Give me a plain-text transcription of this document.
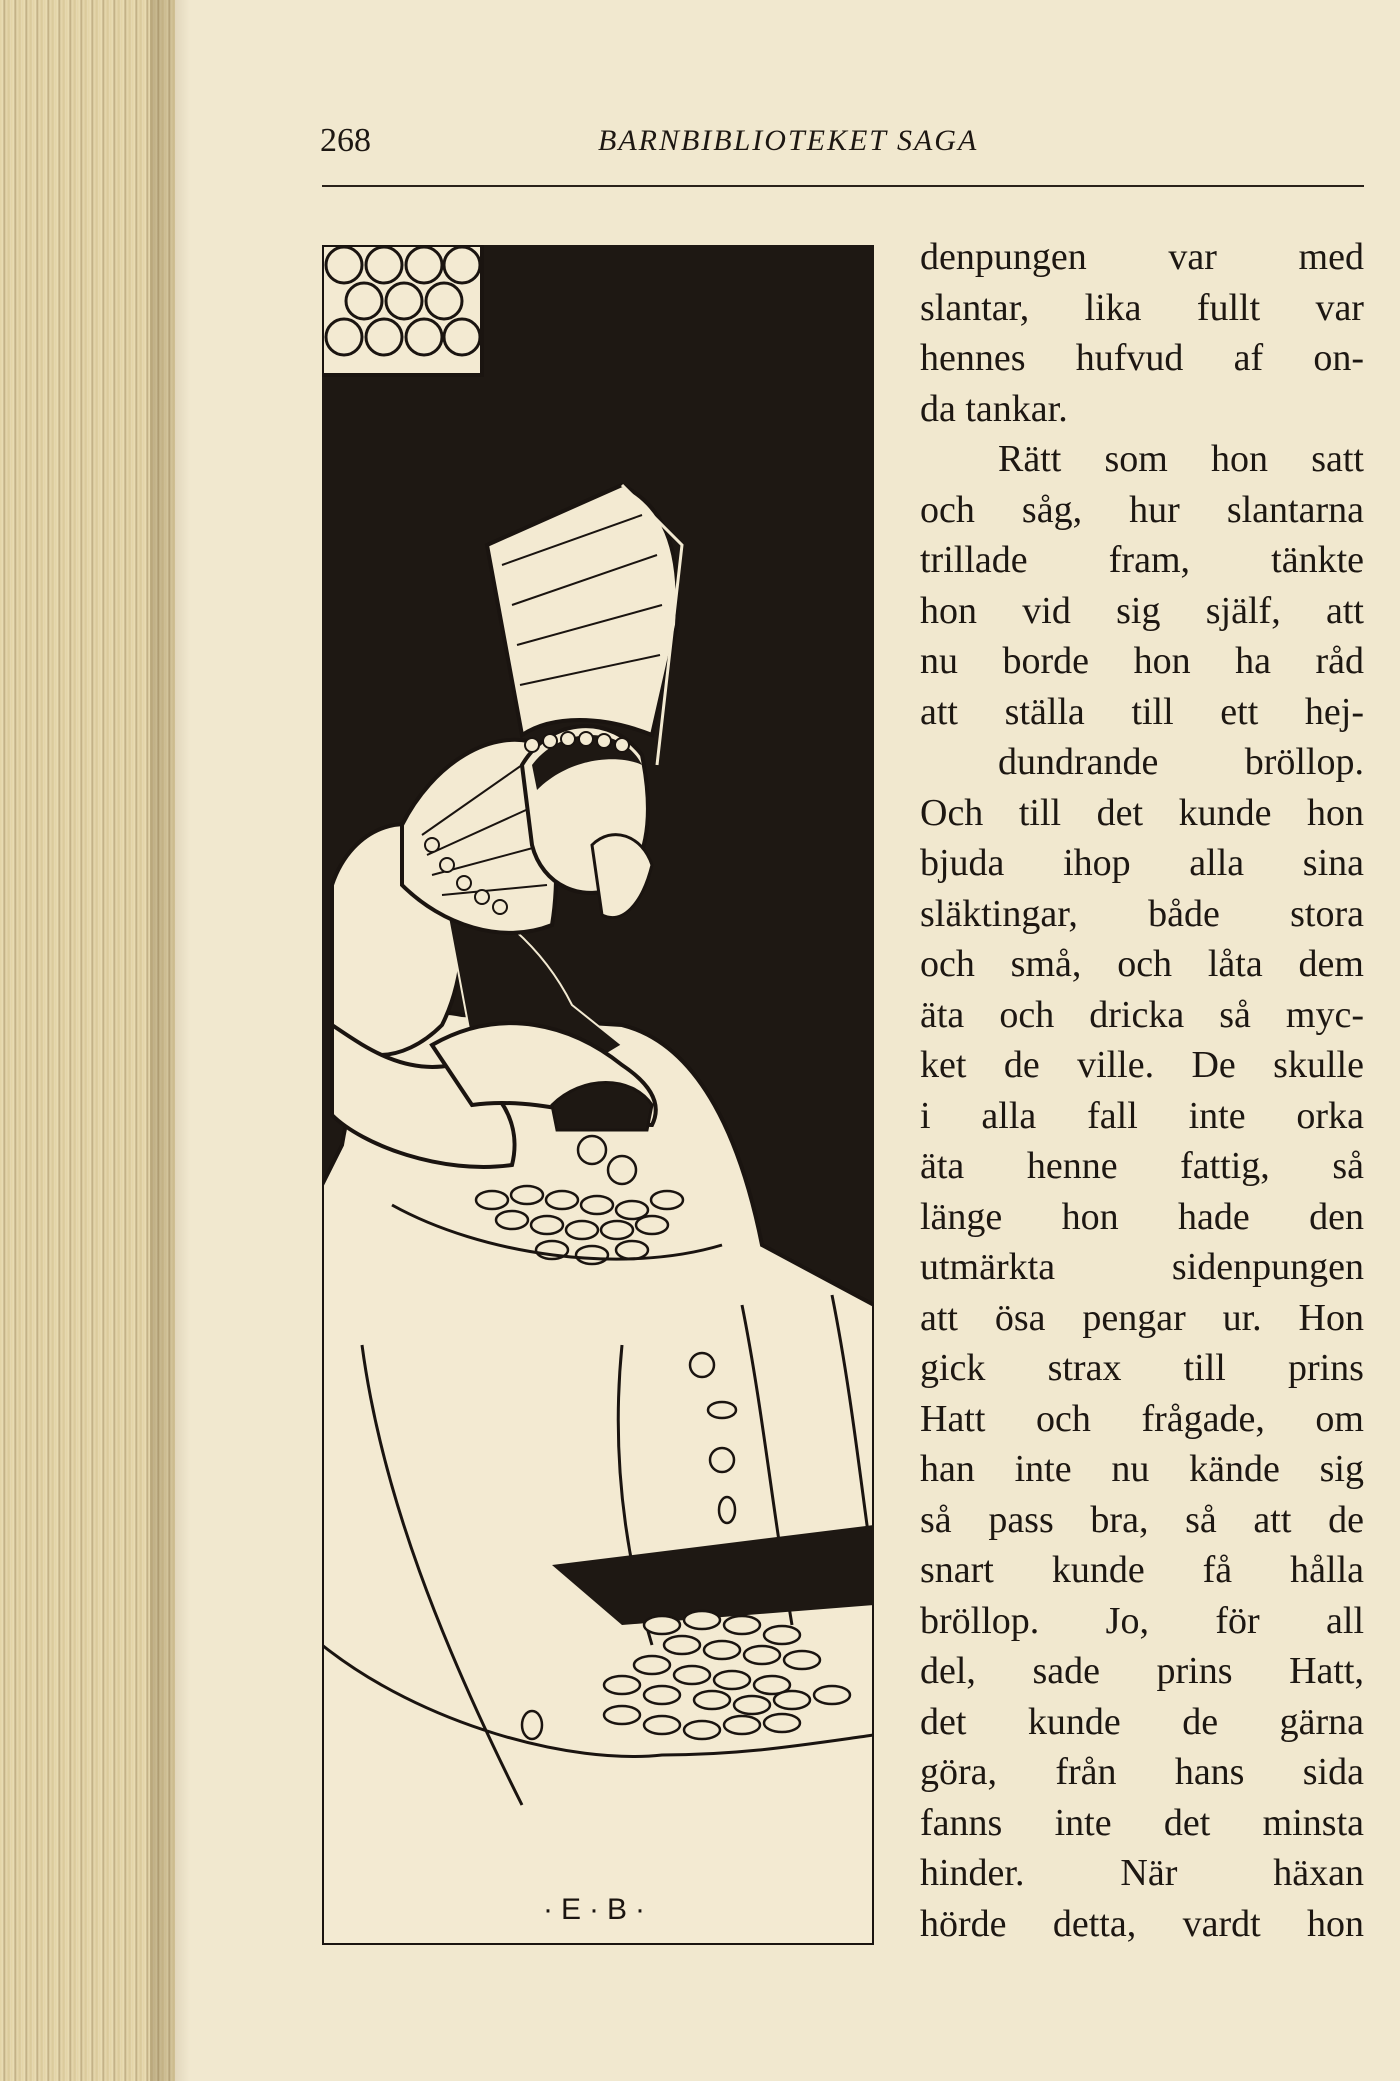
268	BARNBIBLIOTEKET SAGA
·E·B·
denpungen var med
slantar, lika fullt var
hennes hufvud af on-
da tankar.
Rätt som hon satt
och såg, hur slantarna
trillade fram, tänkte
hon vid sig själf, att
nu borde hon ha råd
att ställa till ett hej-
dundrande bröllop.
Och till det kunde hon
bjuda ihop alla sina
släktingar, både stora
och små, och låta dem
äta och dricka så myc-
ket de ville. De skulle
i alla fall inte orka
äta henne fattig, så
länge hon hade den
utmärkta	sidenpungen
att ösa pengar ur. Hon
gick strax till prins
Hatt och frågade, om
han inte nu kände sig
så pass bra, så att de
snart kunde få hålla
bröllop. Jo, för all
del, sade prins Hatt,
det kunde de gärna
göra, från hans sida
fanns inte det minsta
hinder.	När	häxan
hörde detta, vardt hon
